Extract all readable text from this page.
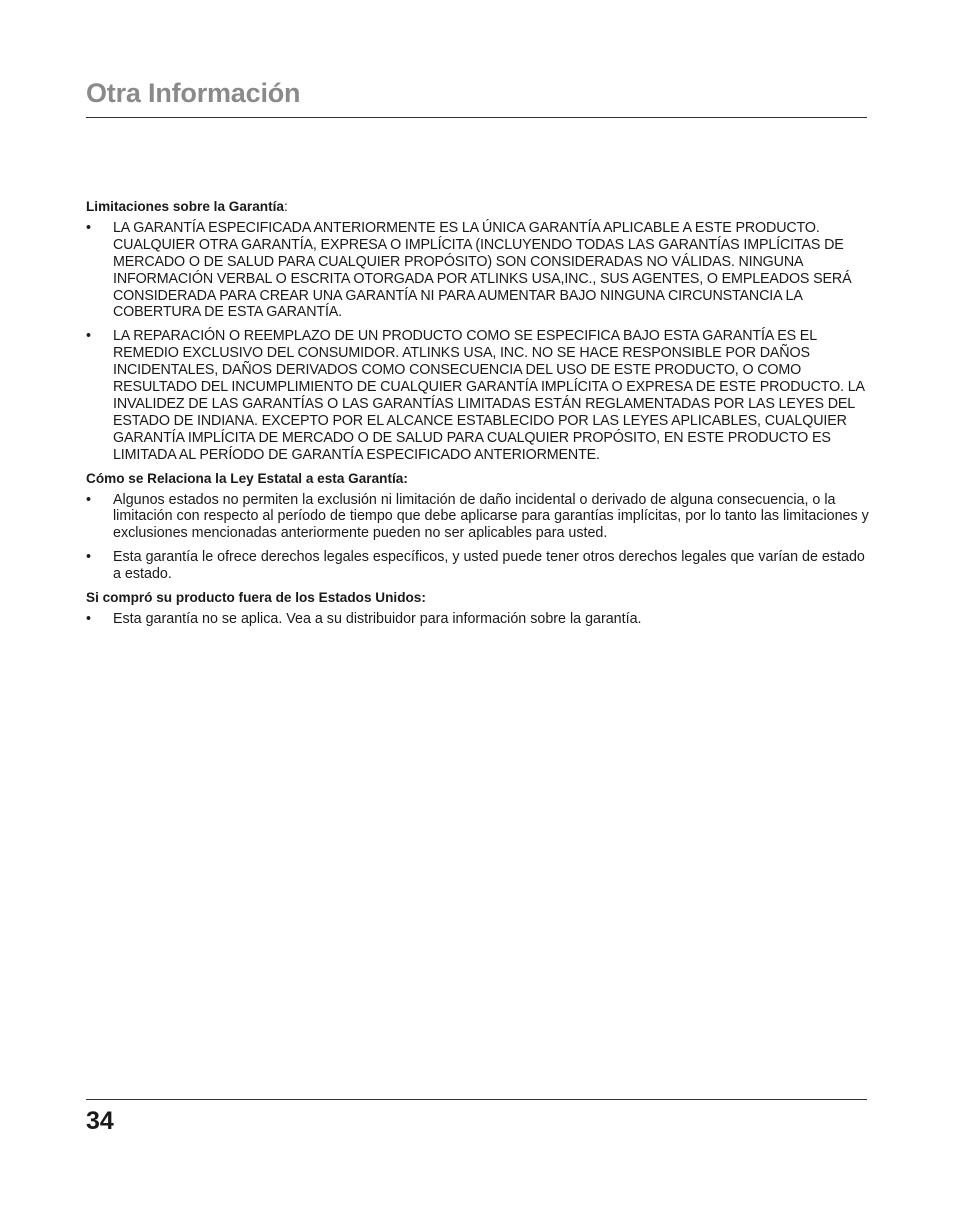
Otra Información
Limitaciones sobre la Garantía:
• LA GARANTÍA ESPECIFICADA ANTERIORMENTE ES LA ÚNICA GARANTÍA APLICABLE A ESTE PRODUCTO. CUALQUIER OTRA GARANTÍA, EXPRESA O IMPLÍCITA (INCLUYENDO TODAS LAS GARANTÍAS IMPLÍCITAS DE MERCADO O DE SALUD PARA CUALQUIER PROPÓSITO) SON CONSIDERADAS NO VÁLIDAS. NINGUNA INFORMACIÓN VERBAL O ESCRITA OTORGADA POR ATLINKS USA,INC., SUS AGENTES, O EMPLEADOS SERÁ CONSIDERADA PARA CREAR UNA GARANTÍA NI PARA AUMENTAR BAJO NINGUNA CIRCUNSTANCIA LA COBERTURA DE ESTA GARANTÍA.
• LA REPARACIÓN O REEMPLAZO DE UN PRODUCTO COMO SE ESPECIFICA BAJO ESTA GARANTÍA ES EL REMEDIO EXCLUSIVO DEL CONSUMIDOR. ATLINKS USA, INC. NO SE HACE RESPONSIBLE POR DAÑOS INCIDENTALES, DAÑOS DERIVADOS COMO CONSECUENCIA DEL USO DE ESTE PRODUCTO, O COMO RESULTADO DEL INCUMPLIMIENTO DE CUALQUIER GARANTÍA IMPLÍCITA O EXPRESA DE ESTE PRODUCTO. LA INVALIDEZ DE LAS GARANTÍAS O LAS GARANTÍAS LIMITADAS ESTÁN REGLAMENTADAS POR LAS LEYES DEL ESTADO DE INDIANA. EXCEPTO POR EL ALCANCE ESTABLECIDO POR LAS LEYES APLICABLES, CUALQUIER GARANTÍA IMPLÍCITA DE MERCADO O DE SALUD PARA CUALQUIER PROPÓSITO, EN ESTE PRODUCTO ES LIMITADA AL PERÍODO DE GARANTÍA ESPECIFICADO ANTERIORMENTE.
Cómo se Relaciona la Ley Estatal a esta Garantía:
• Algunos estados no permiten la exclusión ni limitación de daño incidental o derivado de alguna consecuencia, o la limitación con respecto al período de tiempo que debe aplicarse para garantías implícitas, por lo tanto las limitaciones y exclusiones mencionadas anteriormente pueden no ser aplicables para usted.
• Esta garantía le ofrece derechos legales específicos, y usted puede tener otros derechos legales que varían de estado a estado.
Si compró su producto fuera de los Estados Unidos:
• Esta garantía no se aplica. Vea a su distribuidor para información sobre la garantía.
34
